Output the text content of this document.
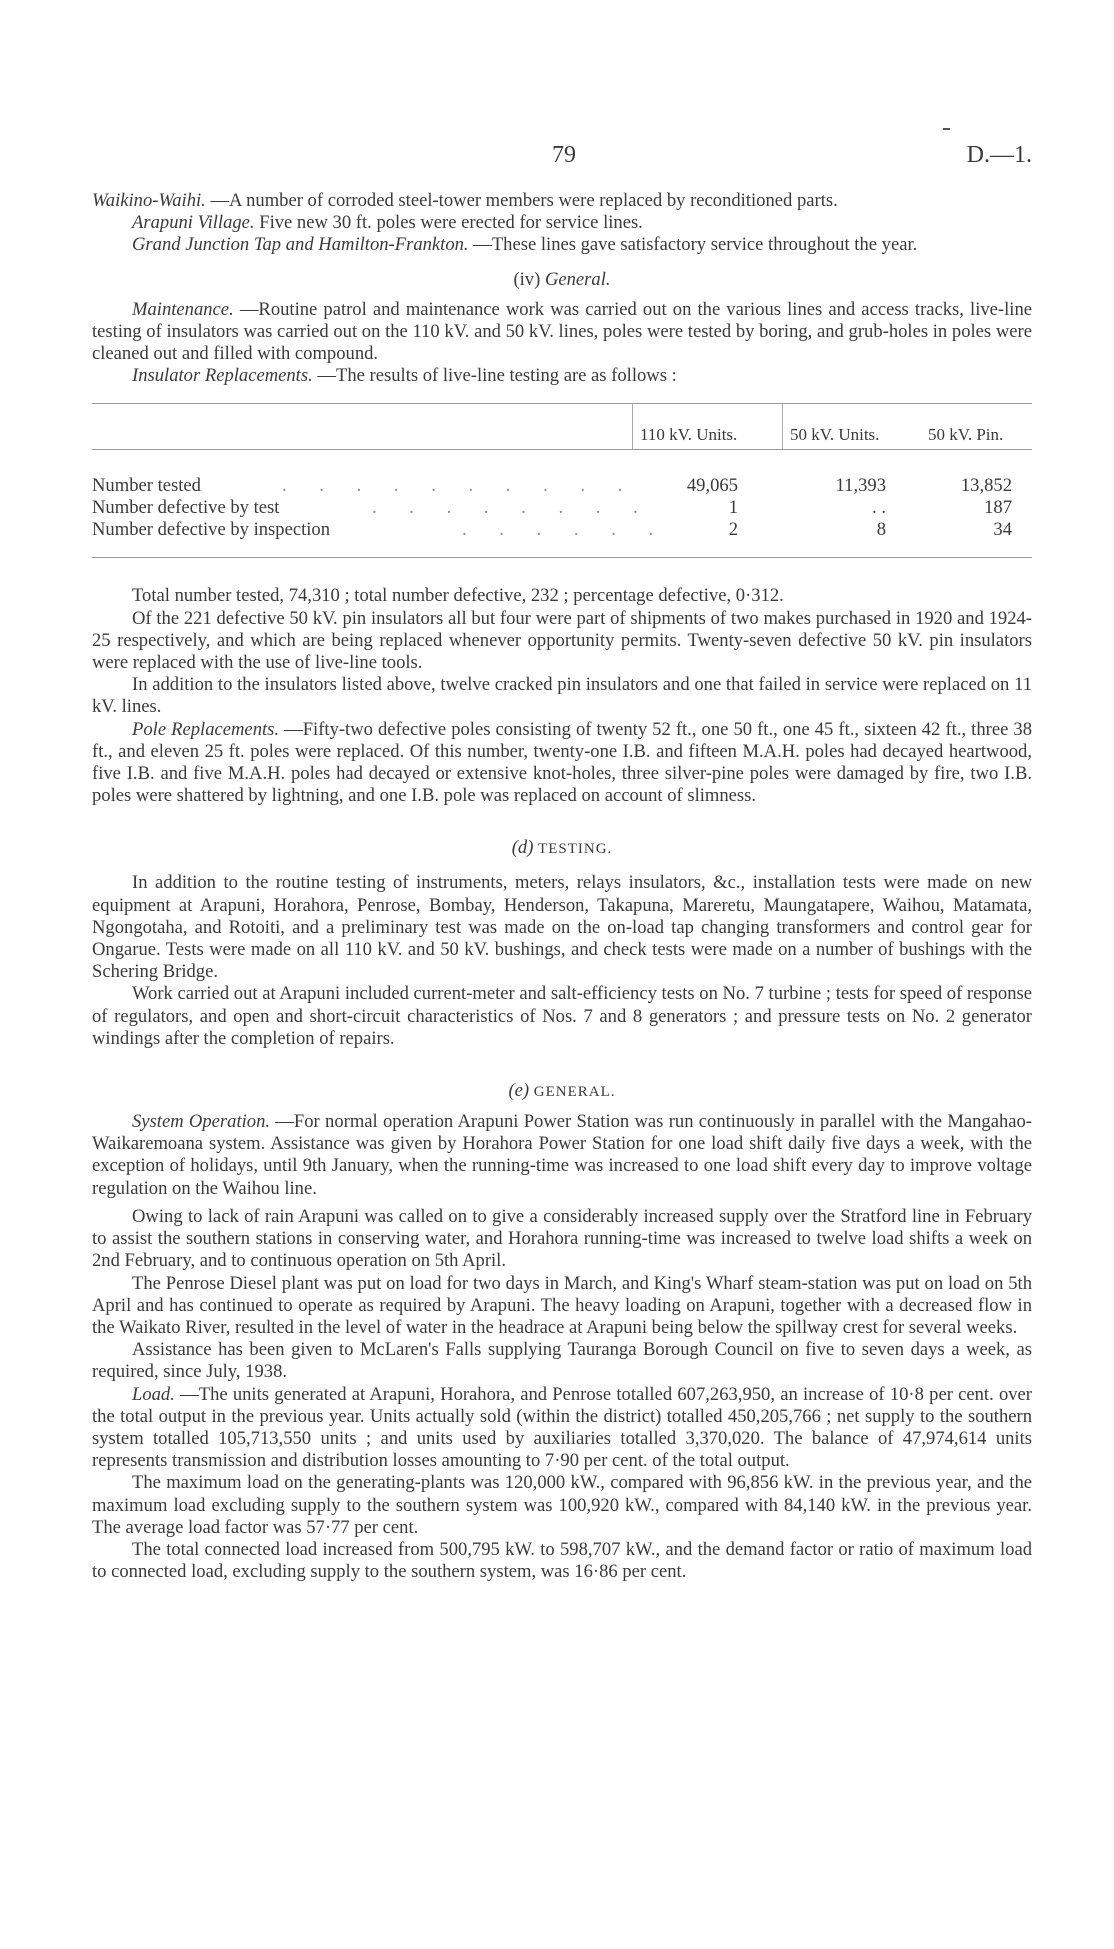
79	D.—1.

Waikino-Waihi. —A number of corroded steel-tower members were replaced by reconditioned parts.

Arapuni Village. Five new 30 ft. poles were erected for service lines.

Grand Junction Tap and Hamilton-Frankton. —These lines gave satisfactory service throughout the year.

(iv) General.

Maintenance. —Routine patrol and maintenance work was carried out on the various lines and access tracks, live-line testing of insulators was carried out on the 110 kV. and 50 kV. lines, poles were tested by boring, and grub-holes in poles were cleaned out and filled with compound.

Insulator Replacements. —The results of live-line testing are as follows :

110 kV. Units.	50 kV. Units.	50 kV. Pin.
Number tested	. . . . . . . . . .	49,065	11,393	13,852
Number defective by test	. . . . . . . .	1	. .	187
Number defective by inspection	. . . . . .	2	8	34

Total number tested, 74,310 ; total number defective, 232 ; percentage defective, 0·312.

Of the 221 defective 50 kV. pin insulators all but four were part of shipments of two makes purchased in 1920 and 1924-25 respectively, and which are being replaced whenever opportunity permits. Twenty-seven defective 50 kV. pin insulators were replaced with the use of live-line tools.

In addition to the insulators listed above, twelve cracked pin insulators and one that failed in service were replaced on 11 kV. lines.

Pole Replacements. —Fifty-two defective poles consisting of twenty 52 ft., one 50 ft., one 45 ft., sixteen 42 ft., three 38 ft., and eleven 25 ft. poles were replaced. Of this number, twenty-one I.B. and fifteen M.A.H. poles had decayed heartwood, five I.B. and five M.A.H. poles had decayed or extensive knot-holes, three silver-pine poles were damaged by fire, two I.B. poles were shattered by lightning, and one I.B. pole was replaced on account of slimness.

(d) TESTING.

In addition to the routine testing of instruments, meters, relays insulators, &c., installation tests were made on new equipment at Arapuni, Horahora, Penrose, Bombay, Henderson, Takapuna, Mareretu, Maungatapere, Waihou, Matamata, Ngongotaha, and Rotoiti, and a preliminary test was made on the on-load tap changing transformers and control gear for Ongarue. Tests were made on all 110 kV. and 50 kV. bushings, and check tests were made on a number of bushings with the Schering Bridge.

Work carried out at Arapuni included current-meter and salt-efficiency tests on No. 7 turbine ; tests for speed of response of regulators, and open and short-circuit characteristics of Nos. 7 and 8 generators ; and pressure tests on No. 2 generator windings after the completion of repairs.

(e) GENERAL.

System Operation. —For normal operation Arapuni Power Station was run continuously in parallel with the Mangahao-Waikaremoana system. Assistance was given by Horahora Power Station for one load shift daily five days a week, with the exception of holidays, until 9th January, when the running-time was increased to one load shift every day to improve voltage regulation on the Waihou line.

Owing to lack of rain Arapuni was called on to give a considerably increased supply over the Stratford line in February to assist the southern stations in conserving water, and Horahora running-time was increased to twelve load shifts a week on 2nd February, and to continuous operation on 5th April.

The Penrose Diesel plant was put on load for two days in March, and King's Wharf steam-station was put on load on 5th April and has continued to operate as required by Arapuni. The heavy loading on Arapuni, together with a decreased flow in the Waikato River, resulted in the level of water in the headrace at Arapuni being below the spillway crest for several weeks.

Assistance has been given to McLaren's Falls supplying Tauranga Borough Council on five to seven days a week, as required, since July, 1938.

Load. —The units generated at Arapuni, Horahora, and Penrose totalled 607,263,950, an increase of 10·8 per cent. over the total output in the previous year. Units actually sold (within the district) totalled 450,205,766 ; net supply to the southern system totalled 105,713,550 units ; and units used by auxiliaries totalled 3,370,020. The balance of 47,974,614 units represents transmission and distribution losses amounting to 7·90 per cent. of the total output.

The maximum load on the generating-plants was 120,000 kW., compared with 96,856 kW. in the previous year, and the maximum load excluding supply to the southern system was 100,920 kW., compared with 84,140 kW. in the previous year. The average load factor was 57·77 per cent.

The total connected load increased from 500,795 kW. to 598,707 kW., and the demand factor or ratio of maximum load to connected load, excluding supply to the southern system, was 16·86 per cent.
